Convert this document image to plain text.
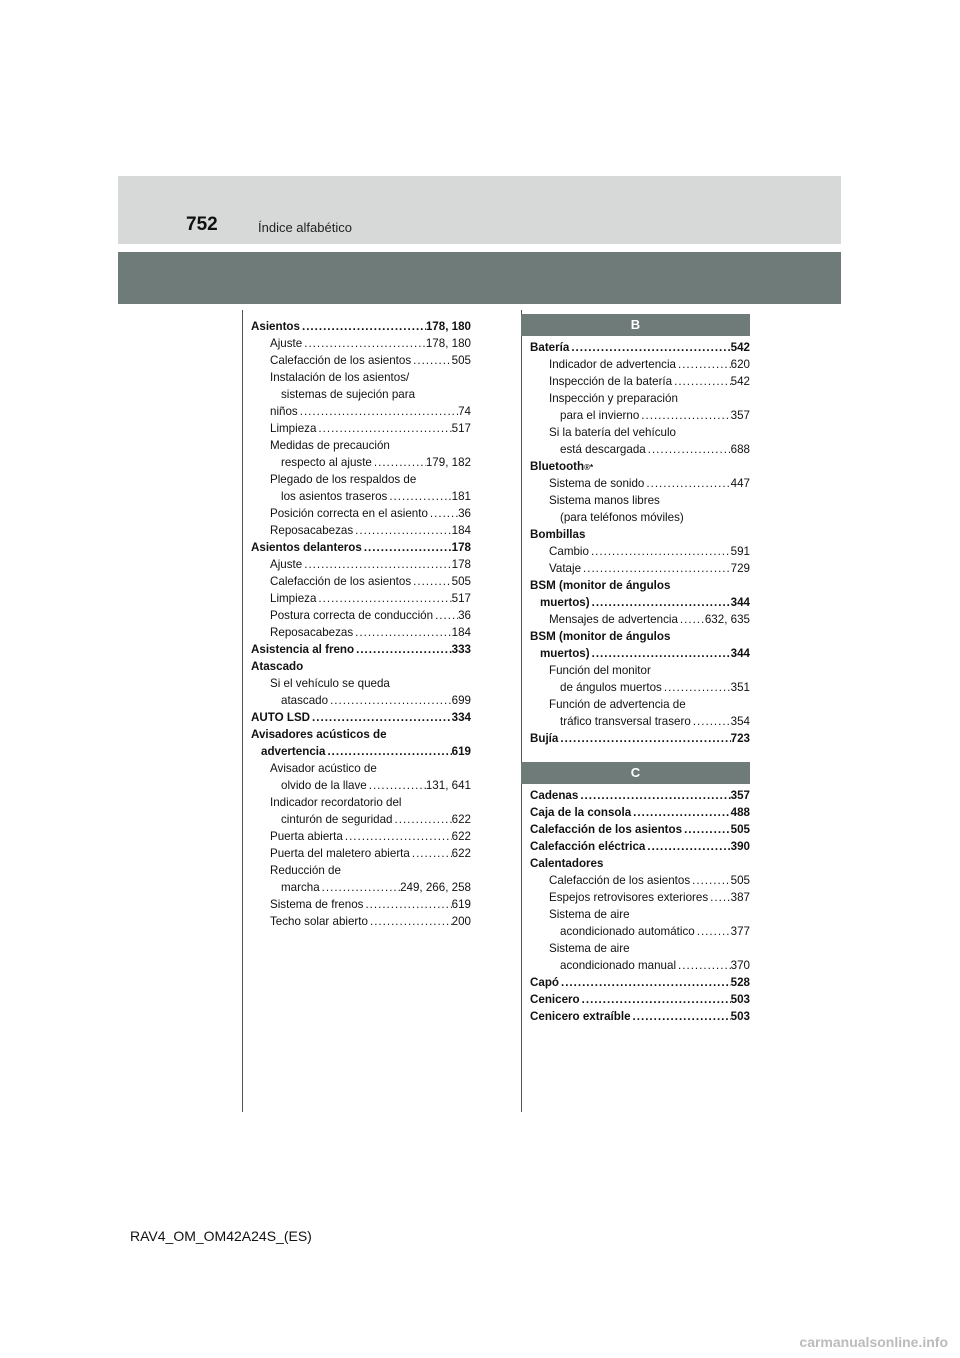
752	Índice alfabético
Asientos .....	178, 180
Ajuste .....	178, 180
Calefacción de los asientos .....	505
Instalación de los asientos/
sistemas de sujeción para
niños .....	74
Limpieza .....	517
Medidas de precaución
respecto al ajuste .....	179, 182
Plegado de los respaldos de
los asientos traseros .....	181
Posición correcta en el asiento .....	36
Reposacabezas .....	184
Asientos delanteros .....	178
Ajuste .....	178
Calefacción de los asientos .....	505
Limpieza .....	517
Postura correcta de conducción ..... 36
Reposacabezas .....	184
Asistencia al freno .....	333
Atascado
Si el vehículo se queda
atascado .....	699
AUTO LSD .....	334
Avisadores acústicos de
advertencia .....	619
Avisador acústico de
olvido de la llave .....	131, 641
Indicador recordatorio del
cinturón de seguridad .....	622
Puerta abierta .....	622
Puerta del maletero abierta .....	622
Reducción de
marcha .....	249, 266, 258
Sistema de frenos .....	619
Techo solar abierto .....	200
B
Batería .....	542
Indicador de advertencia .....	620
Inspección de la batería .....	542
Inspección y preparación
para el invierno .....	357
Si la batería del vehículo
está descargada .....	688
Bluetooth ®*
Sistema de sonido .....	447
Sistema manos libres
(para teléfonos móviles)
Bombillas
Cambio .....	591
Vataje .....	729
BSM (monitor de ángulos
muertos) .....	344
Mensajes de advertencia ..... 632, 635
BSM (monitor de ángulos
muertos) .....	344
Función del monitor
de ángulos muertos .....	351
Función de advertencia de
tráfico transversal trasero .....	354
Bujía .....	723
C
Cadenas .....	357
Caja de la consola .....	488
Calefacción de los asientos .....	505
Calefacción eléctrica .....	390
Calentadores
Calefacción de los asientos .....	505
Espejos retrovisores exteriores ..... 387
Sistema de aire
acondicionado automático .....	377
Sistema de aire
acondicionado manual .....	370
Capó .....	528
Cenicero .....	503
Cenicero extraíble .....	503
RAV4_OM_OM42A24S_(ES)
carmanualsonline.info
